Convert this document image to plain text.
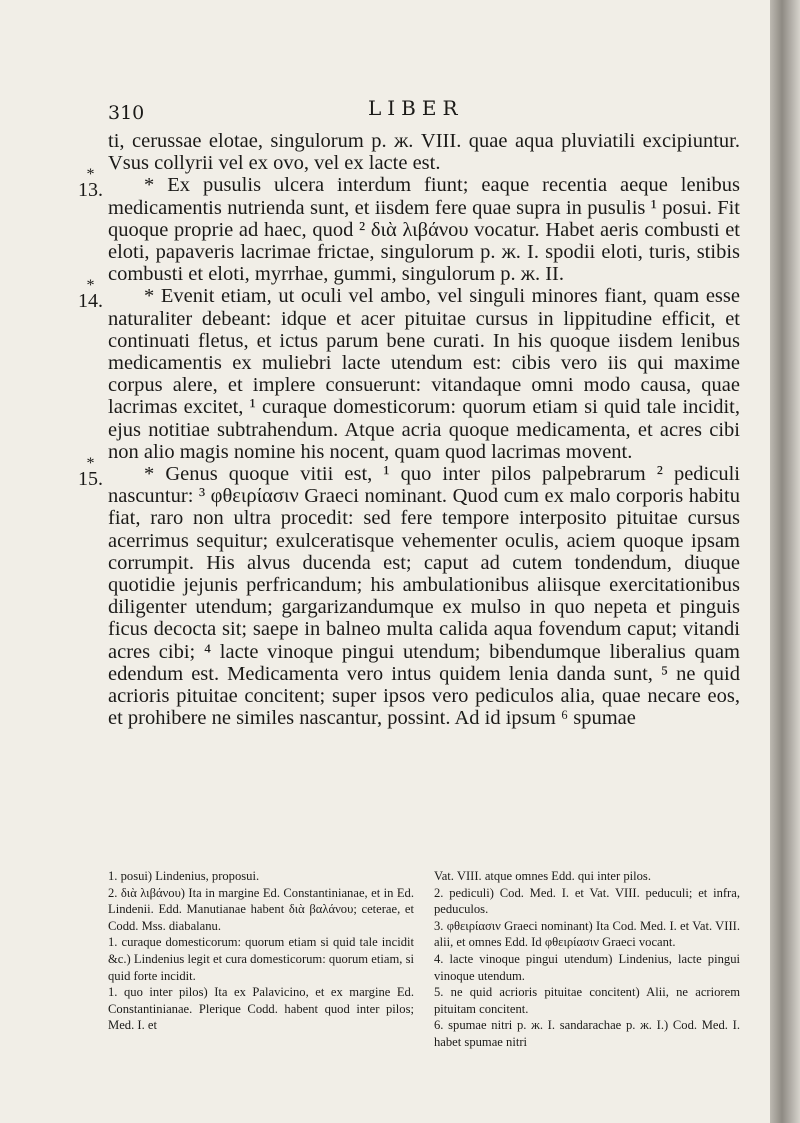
310	LIBER

ti, cerussae elotae, singulorum p. ж. VIII. quae aqua pluviatili excipiuntur. Vsus collyrii vel ex ovo, vel ex lacte est.

*
13.	* Ex pusulis ulcera interdum fiunt; eaque recentia aeque lenibus medicamentis nutrienda sunt, et iisdem fere quae supra in pusulis ¹ posui. Fit quoque proprie ad haec, quod ² διὰ λιβάνου vocatur. Habet aeris combusti et eloti, papaveris lacrimae frictae, singulorum p. ж. I. spodii eloti, turis, stibis combusti et eloti, myrrhae, gummi, singulorum p. ж. II.

*
14.	* Evenit etiam, ut oculi vel ambo, vel singuli minores fiant, quam esse naturaliter debeant: idque et acer pituitae cursus in lippitudine efficit, et continuati fletus, et ictus parum bene curati. In his quoque iisdem lenibus medicamentis ex muliebri lacte utendum est: cibis vero iis qui maxime corpus alere, et implere consuerunt: vitandaque omni modo causa, quae lacrimas excitet, ¹ curaque domesticorum: quorum etiam si quid tale incidit, ejus notitiae subtrahendum. Atque acria quoque medicamenta, et acres cibi non alio magis nomine his nocent, quam quod lacrimas movent.

*
15.	* Genus quoque vitii est, ¹ quo inter pilos palpebrarum ² pediculi nascuntur: ³ φθειρίασιν Graeci nominant. Quod cum ex malo corporis habitu fiat, raro non ultra procedit: sed fere tempore interposito pituitae cursus acerrimus sequitur; exulceratisque vehementer oculis, aciem quoque ipsam corrumpit. His alvus ducenda est; caput ad cutem tondendum, diuque quotidie jejunis perfricandum; his ambulationibus aliisque exercitationibus diligenter utendum; gargarizandumque ex mulso in quo nepeta et pinguis ficus decocta sit; saepe in balneo multa calida aqua fovendum caput; vitandi acres cibi; ⁴ lacte vinoque pingui utendum; bibendumque liberalius quam edendum est. Medicamenta vero intus quidem lenia danda sunt, ⁵ ne quid acrioris pituitae concitent; super ipsos vero pediculos alia, quae necare eos, et prohibere ne similes nascantur, possint. Ad id ipsum ⁶ spumae

1. posui) Lindenius, proposui.

2. διὰ λιβάνου) Ita in margine Ed. Constantinianae, et in Ed. Lindenii. Edd. Manutianae habent διὰ βαλάνου; ceterae, et Codd. Mss. diabalanu.

1. curaque domesticorum: quorum etiam si quid tale incidit &c.) Lindenius legit et cura domesticorum: quorum etiam, si quid forte incidit.

1. quo inter pilos) Ita ex Palavicino, et ex margine Ed. Constantinianae. Plerique Codd. habent quod inter pilos; Med. I. et

Vat. VIII. atque omnes Edd. qui inter pilos.

2. pediculi) Cod. Med. I. et Vat. VIII. peduculi; et infra, peduculos.

3. φθειρίασιν Graeci nominant) Ita Cod. Med. I. et Vat. VIII. alii, et omnes Edd. Id φθειρίασιν Graeci vocant.

4. lacte vinoque pingui utendum) Lindenius, lacte pingui vinoque utendum.

5. ne quid acrioris pituitae concitent) Alii, ne acriorem pituitam concitent.

6. spumae nitri p. ж. I. sandarachae p. ж. I.) Cod. Med. I. habet spumae nitri
